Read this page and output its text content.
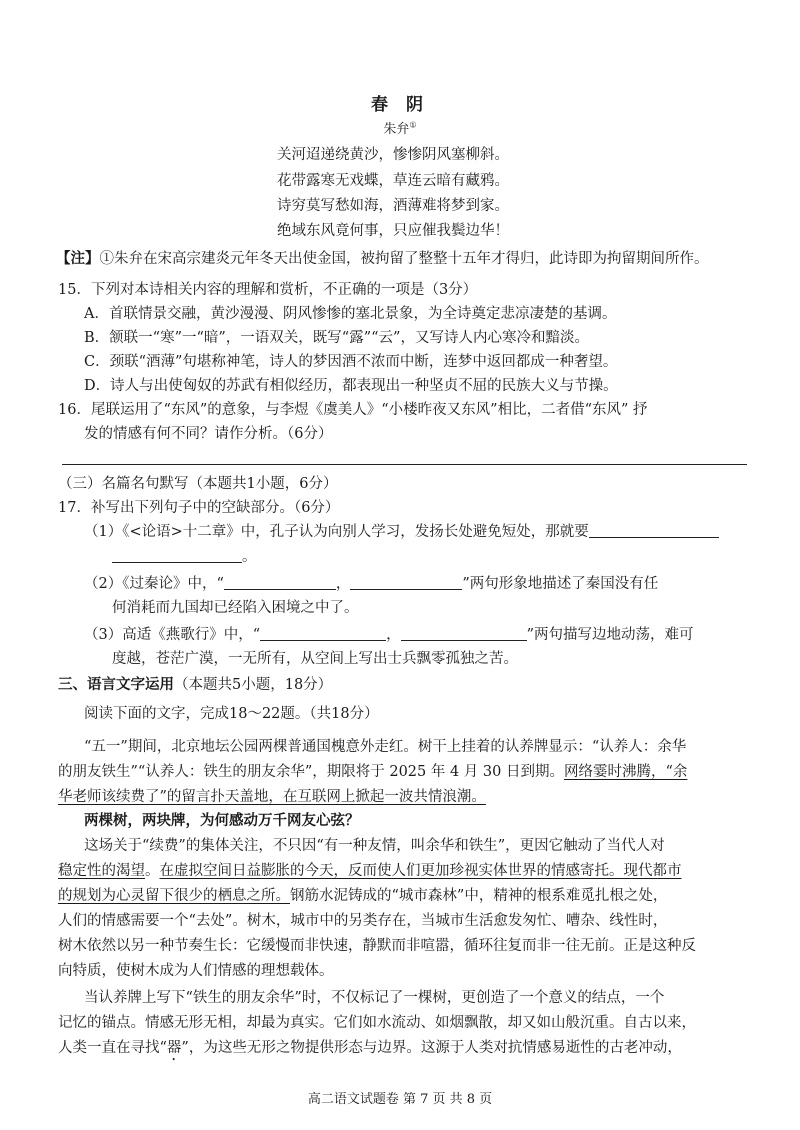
春 阴
朱弁①
关河迢递绕黄沙，惨惨阴风塞柳斜。
花带露寒无戏蝶，草连云暗有藏鸦。
诗穷莫写愁如海，酒薄难将梦到家。
绝域东风竟何事，只应催我鬓边华！
【注】①朱弁在宋高宗建炎元年冬天出使金国，被拘留了整整十五年才得归，此诗即为拘留期间所作。
15．下列对本诗相关内容的理解和赏析，不正确的一项是（3分）
A．首联情景交融，黄沙漫漫、阴风惨惨的塞北景象，为全诗奠定悲凉凄楚的基调。
B．颔联一“寒”一“暗”，一语双关，既写“露”“云”，又写诗人内心寒冷和黯淡。
C．颈联“酒薄”句堪称神笔，诗人的梦因酒不浓而中断，连梦中返回都成一种奢望。
D．诗人与出使匈奴的苏武有相似经历，都表现出一种坚贞不屈的民族大义与节操。
16．尾联运用了“东风”的意象，与李煜《虞美人》“小楼昨夜又东风”相比，二者借“东风” 抒
发的情感有何不同？请作分析。（6分）
（三）名篇名句默写（本题共1小题，6分）
17．补写出下列句子中的空缺部分。（6分）
（1）《<论语>十二章》中，孔子认为向别人学习，发扬长处避免短处，那就要
。
（2）《过秦论》中，“	，	”两句形象地描述了秦国没有任
何消耗而九国却已经陷入困境之中了。
（3）高适《燕歌行》中，“	，	”两句描写边地动荡，难可
度越，苍茫广漠，一无所有，从空间上写出士兵飘零孤独之苦。
三、语言文字运用（本题共5小题，18分）
阅读下面的文字，完成18～22题。（共18分）
“五一”期间，北京地坛公园两棵普通国槐意外走红。树干上挂着的认养牌显示：“认养人：余华
的朋友铁生”“认养人：铁生的朋友余华”，期限将于 2025 年 4 月 30 日到期。网络霎时沸腾，“余
华老师该续费了”的留言扑天盖地，在互联网上掀起一波共情浪潮。
两棵树，两块牌，为何感动万千网友心弦？
这场关于“续费”的集体关注，不只因“有一种友情，叫余华和铁生”，更因它触动了当代人对
稳定性的渴望。在虚拟空间日益膨胀的今天，反而使人们更加珍视实体世界的情感寄托。现代都市
的规划为心灵留下很少的栖息之所。钢筋水泥铸成的“城市森林”中，精神的根系难觅扎根之处，
人们的情感需要一个“去处”。树木，城市中的另类存在，当城市生活愈发匆忙、嘈杂、线性时，
树木依然以另一种节奏生长：它缓慢而非快速，静默而非喧嚣，循环往复而非一往无前。正是这种反
向特质，使树木成为人们情感的理想载体。
当认养牌上写下“铁生的朋友余华”时，不仅标记了一棵树，更创造了一个意义的结点，一个
记忆的锚点。情感无形无相，却最为真实。它们如水流动、如烟飘散，却又如山般沉重。自古以来，
人类一直在寻找“器”，为这些无形之物提供形态与边界。这源于人类对抗情感易逝性的古老冲动，
高二语文试题卷 第 7 页 共 8 页
